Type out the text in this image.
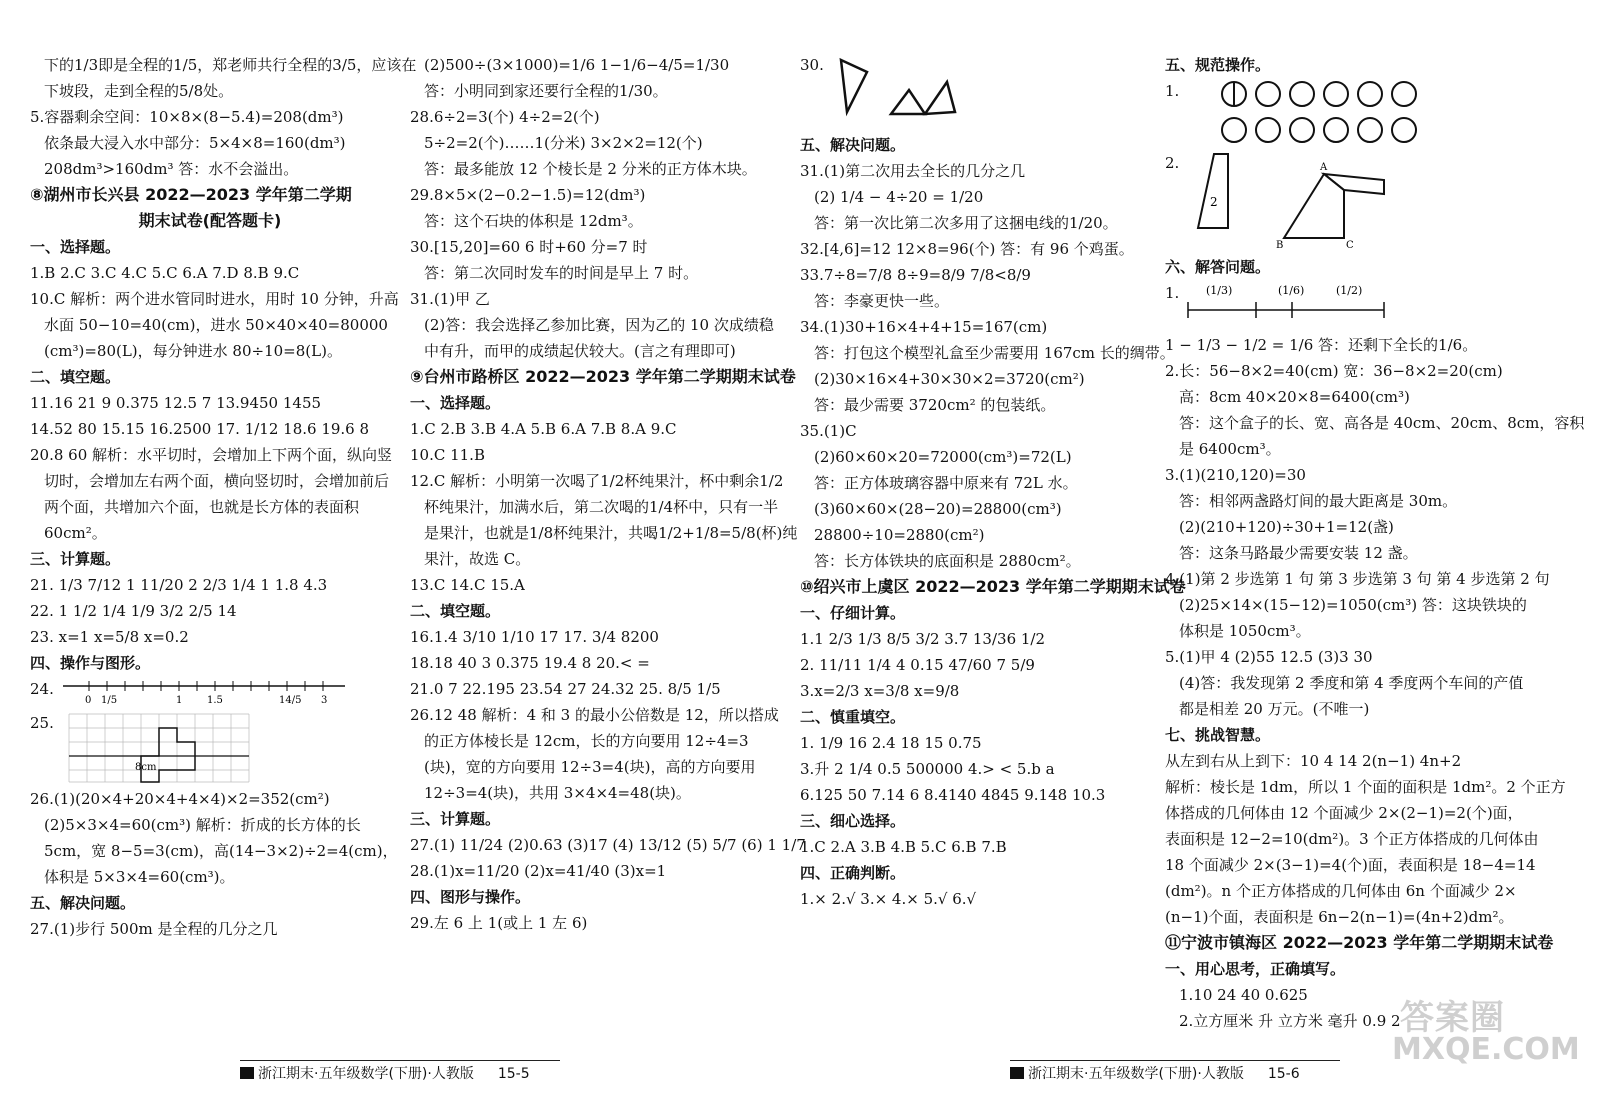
下的1/3即是全程的1/5，郑老师共行全程的3/5，应该在
下坡段，走到全程的5/8处。
5.容器剩余空间：10×8×(8−5.4)=208(dm³)
依条最大浸入水中部分：5×4×8=160(dm³)
208dm³>160dm³ 答：水不会溢出。
⑧湖州市长兴县 2022—2023 学年第二学期
期末试卷(配答题卡)
一、选择题。
1.B 2.C 3.C 4.C 5.C 6.A 7.D 8.B 9.C
10.C 解析：两个进水管同时进水，用时 10 分钟，升高
水面 50−10=40(cm)，进水 50×40×40=80000
(cm³)=80(L)，每分钟进水 80÷10=8(L)。
二、填空题。
11.16 21 9 0.375 12.5 7 13.9450 1455
14.52 80 15.15 16.2500 17. 1/12 18.6 19.6 8
20.8 60 解析：水平切时，会增加上下两个面，纵向竖
切时，会增加左右两个面，横向竖切时，会增加前后
两个面，共增加六个面，也就是长方体的表面积
60cm²。
三、计算题。
21. 1/3 7/12 1 11/20 2 2/3 1/4 1 1.8 4.3
22. 1 1/2 1/4 1/9 3/2 2/5 14
23. x=1 x=5/8 x=0.2
四、操作与图形。
24.
0 1/5	1 1.5	3
14/5
25.
8cm
26.(1)(20×4+20×4+4×4)×2=352(cm²)
(2)5×3×4=60(cm³) 解析：折成的长方体的长
5cm，宽 8−5=3(cm)，高(14−3×2)÷2=4(cm)，
体积是 5×3×4=60(cm³)。
五、解决问题。
27.(1)步行 500m 是全程的几分之几
(2)500÷(3×1000)=1/6 1−1/6−4/5=1/30
答：小明同到家还要行全程的1/30。
28.6÷2=3(个) 4÷2=2(个)
5÷2=2(个)……1(分米) 3×2×2=12(个)
答：最多能放 12 个棱长是 2 分米的正方体木块。
29.8×5×(2−0.2−1.5)=12(dm³)
答：这个石块的体积是 12dm³。
30.[15,20]=60 6 时+60 分=7 时
答：第二次同时发车的时间是早上 7 时。
31.(1)甲 乙
(2)答：我会选择乙参加比赛，因为乙的 10 次成绩稳
中有升，而甲的成绩起伏较大。(言之有理即可)
⑨台州市路桥区 2022—2023 学年第二学期期末试卷
一、选择题。
1.C 2.B 3.B 4.A 5.B 6.A 7.B 8.A 9.C
10.C 11.B
12.C 解析：小明第一次喝了1/2杯纯果汁，杯中剩余1/2
杯纯果汁，加满水后，第二次喝的1/4杯中，只有一半
是果汁，也就是1/8杯纯果汁，共喝1/2+1/8=5/8(杯)纯
果汁，故选 C。
13.C 14.C 15.A
二、填空题。
16.1.4 3/10 1/10 17 17. 3/4 8200
18.18 40 3 0.375 19.4 8 20.< =
21.0 7 22.195 23.54 27 24.32 25. 8/5 1/5
26.12 48 解析：4 和 3 的最小公倍数是 12，所以搭成
的正方体棱长是 12cm，长的方向要用 12÷4=3
(块)，宽的方向要用 12÷3=4(块)，高的方向要用
12÷3=4(块)，共用 3×4×4=48(块)。
三、计算题。
27.(1) 11/24 (2)0.63 (3)17 (4) 13/12 (5) 5/7 (6) 1 1/7
28.(1)x=11/20 (2)x=41/40 (3)x=1
四、图形与操作。
29.左 6 上 1(或上 1 左 6)
浙江期末·五年级数学(下册)·人教版 15-5
30.
五、解决问题。
31.(1)第二次用去全长的几分之几
(2) 1/4 − 4÷20 = 1/20
答：第一次比第二次多用了这捆电线的1/20。
32.[4,6]=12 12×8=96(个) 答：有 96 个鸡蛋。
33.7÷8=7/8 8÷9=8/9 7/8<8/9
答：李豪更快一些。
34.(1)30+16×4+4+15=167(cm)
答：打包这个模型礼盒至少需要用 167cm 长的绸带。
(2)30×16×4+30×30×2=3720(cm²)
答：最少需要 3720cm² 的包装纸。
35.(1)C
(2)60×60×20=72000(cm³)=72(L)
答：正方体玻璃容器中原来有 72L 水。
(3)60×60×(28−20)=28800(cm³)
28800÷10=2880(cm²)
答：长方体铁块的底面积是 2880cm²。
⑩绍兴市上虞区 2022—2023 学年第二学期期末试卷
一、仔细计算。
1.1 2/3 1/3 8/5 3/2 3.7 13/36 1/2
2. 11/11 1/4 4 0.15 47/60 7 5/9
3.x=2/3 x=3/8 x=9/8
二、慎重填空。
1. 1/9 16 2.4 18 15 0.75
3.升 2 1/4 0.5 500000 4.> < 5.b a
6.125 50 7.14 6 8.4140 4845 9.148 10.3
三、细心选择。
1.C 2.A 3.B 4.B 5.C 6.B 7.B
四、正确判断。
1.× 2.√ 3.× 4.× 5.√ 6.√
五、规范操作。
1.
2.
2
B	C
A
六、解答问题。
1. (1/3)	(1/6)	(1/2)
1 − 1/3 − 1/2 = 1/6 答：还剩下全长的1/6。
2.长：56−8×2=40(cm) 宽：36−8×2=20(cm)
高：8cm 40×20×8=6400(cm³)
答：这个盒子的长、宽、高各是 40cm、20cm、8cm，容积
是 6400cm³。
3.(1)(210,120)=30
答：相邻两盏路灯间的最大距离是 30m。
(2)(210+120)÷30+1=12(盏)
答：这条马路最少需要安装 12 盏。
4.(1)第 2 步选第 1 句 第 3 步选第 3 句 第 4 步选第 2 句
(2)25×14×(15−12)=1050(cm³) 答：这块铁块的
体积是 1050cm³。
5.(1)甲 4 (2)55 12.5 (3)3 30
(4)答：我发现第 2 季度和第 4 季度两个车间的产值
都是相差 20 万元。(不唯一)
七、挑战智慧。
从左到右从上到下：10 4 14 2(n−1) 4n+2
解析：棱长是 1dm，所以 1 个面的面积是 1dm²。2 个正方
体搭成的几何体由 12 个面减少 2×(2−1)=2(个)面，
表面积是 12−2=10(dm²)。3 个正方体搭成的几何体由
18 个面减少 2×(3−1)=4(个)面，表面积是 18−4=14
(dm²)。n 个正方体搭成的几何体由 6n 个面减少 2×
(n−1)个面，表面积是 6n−2(n−1)=(4n+2)dm²。
⑪宁波市镇海区 2022—2023 学年第二学期期末试卷
一、用心思考，正确填写。
1.10 24 40 0.625
2.立方厘米 升 立方米 毫升 0.9 2
浙江期末·五年级数学(下册)·人教版 15-6
答案圈
MXQE.COM
